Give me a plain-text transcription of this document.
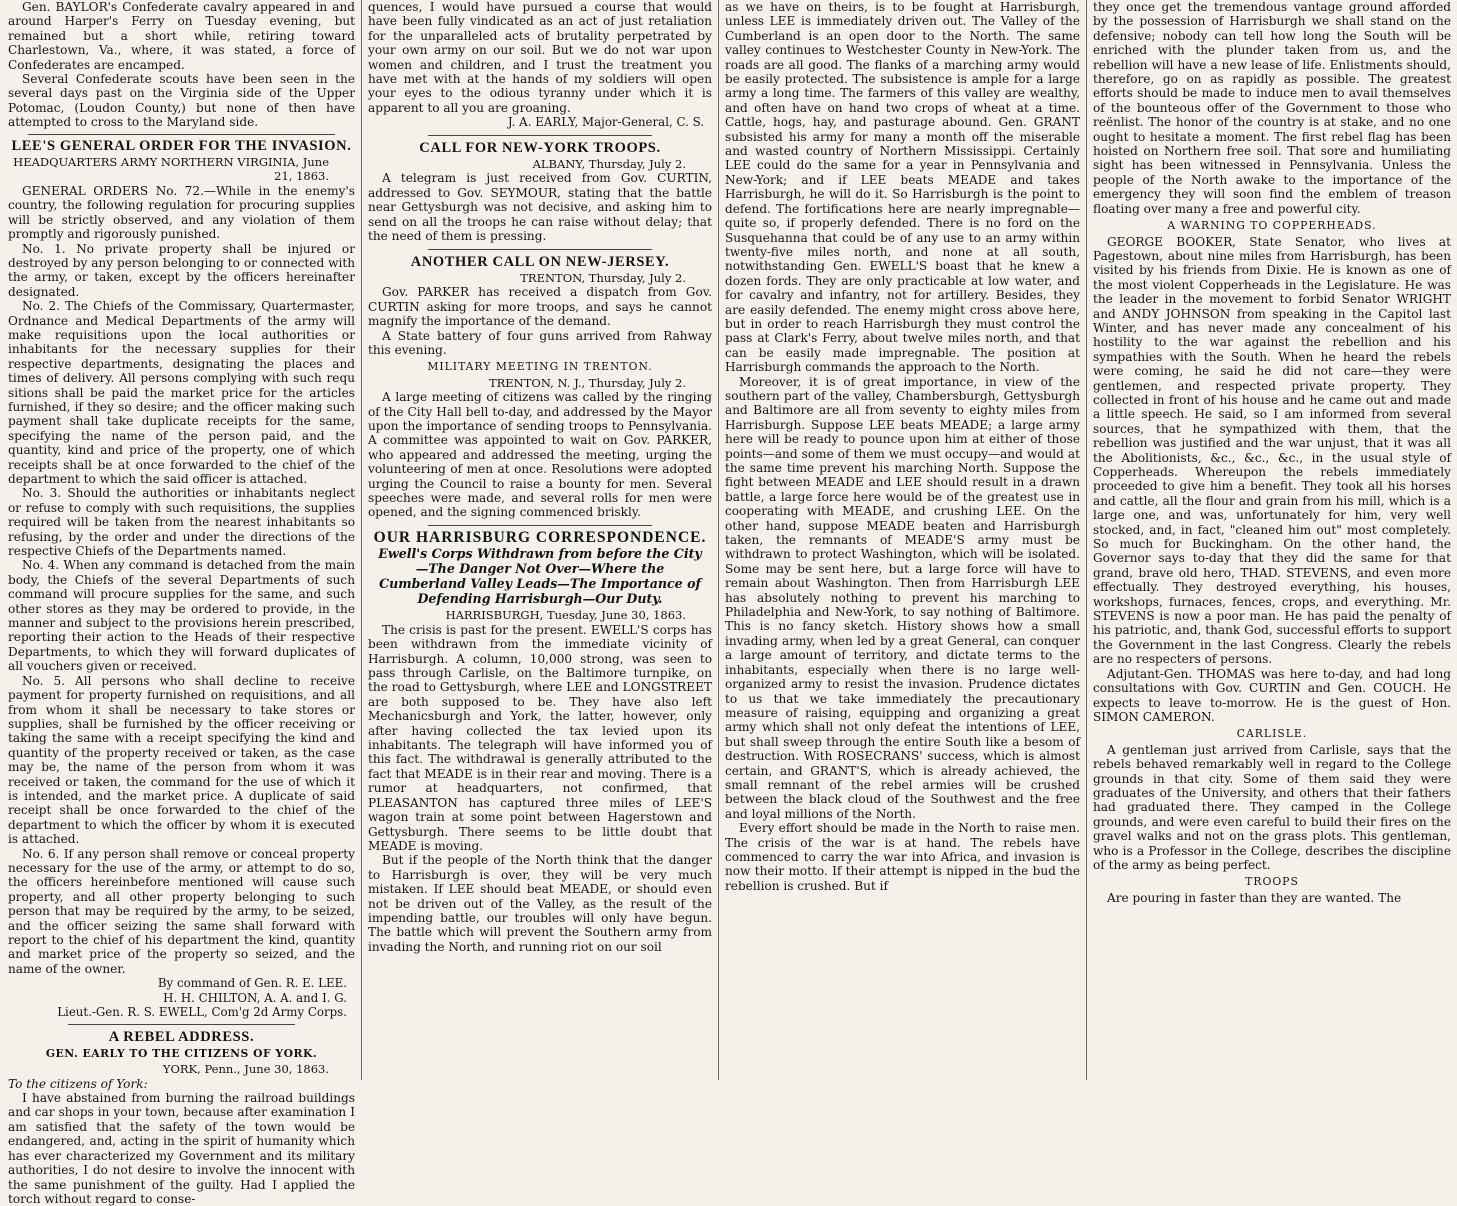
Gen. BAYLOR's Confederate cavalry appeared in and around Harper's Ferry on Tuesday evening, but remained but a short while, retiring toward Charlestown, Va., where, it was stated, a force of Confederates are encamped.

Several Confederate scouts have been seen in the several days past on the Virginia side of the Upper Potomac, (Loudon County,) but none of then have attempted to cross to the Maryland side.

LEE'S GENERAL ORDER FOR THE INVASION.

HEADQUARTERS ARMY NORTHERN VIRGINIA, June 21, 1863.

GENERAL ORDERS No. 72.—While in the enemy's country, the following regulation for procuring supplies will be strictly observed, and any violation of them promptly and rigorously punished.

No. 1. No private property shall be injured or destroyed by any person belonging to or connected with the army, or taken, except by the officers hereinafter designated.

No. 2. The Chiefs of the Commissary, Quartermaster, Ordnance and Medical Departments of the army will make requisitions upon the local authorities or inhabitants for the necessary supplies for their respective departments, designating the places and times of delivery. All persons complying with such requ sitions shall be paid the market price for the articles furnished, if they so desire; and the officer making such payment shall take duplicate receipts for the same, specifying the name of the person paid, and the quantity, kind and price of the property, one of which receipts shall be at once forwarded to the chief of the department to which the said officer is attached.

No. 3. Should the authorities or inhabitants neglect or refuse to comply with such requisitions, the supplies required will be taken from the nearest inhabitants so refusing, by the order and under the directions of the respective Chiefs of the Departments named.

No. 4. When any command is detached from the main body, the Chiefs of the several Departments of such command will procure supplies for the same, and such other stores as they may be ordered to provide, in the manner and subject to the provisions herein prescribed, reporting their action to the Heads of their respective Departments, to which they will forward duplicates of all vouchers given or received.

No. 5. All persons who shall decline to receive payment for property furnished on requisitions, and all from whom it shall be necessary to take stores or supplies, shall be furnished by the officer receiving or taking the same with a receipt specifying the kind and quantity of the property received or taken, as the case may be, the name of the person from whom it was received or taken, the command for the use of which it is intended, and the market price. A duplicate of said receipt shall be once forwarded to the chief of the department to which the officer by whom it is executed is attached.

No. 6. If any person shall remove or conceal property necessary for the use of the army, or attempt to do so, the officers hereinbefore mentioned will cause such property, and all other property belonging to such person that may be required by the army, to be seized, and the officer seizing the same shall forward with report to the chief of his department the kind, quantity and market price of the property so seized, and the name of the owner.

By command of Gen. R. E. LEE.

H. H. CHILTON, A. A. and I. G.

Lieut.-Gen. R. S. EWELL, Com'g 2d Army Corps.

A REBEL ADDRESS.

GEN. EARLY TO THE CITIZENS OF YORK.

YORK, Penn., June 30, 1863.

To the citizens of York:

I have abstained from burning the railroad buildings and car shops in your town, because after examination I am satisfied that the safety of the town would be endangered, and, acting in the spirit of humanity which has ever characterized my Government and its military authorities, I do not desire to involve the innocent with the same punishment of the guilty. Had I applied the torch without regard to conse-

quences, I would have pursued a course that would have been fully vindicated as an act of just retaliation for the unparalleled acts of brutality perpetrated by your own army on our soil. But we do not war upon women and children, and I trust the treatment you have met with at the hands of my soldiers will open your eyes to the odious tyranny under which it is apparent to all you are groaning.

J. A. EARLY, Major-General, C. S.

CALL FOR NEW-YORK TROOPS.

ALBANY, Thursday, July 2.

A telegram is just received from Gov. CURTIN, addressed to Gov. SEYMOUR, stating that the battle near Gettysburgh was not decisive, and asking him to send on all the troops he can raise without delay; that the need of them is pressing.

ANOTHER CALL ON NEW-JERSEY.

TRENTON, Thursday, July 2.

Gov. PARKER has received a dispatch from Gov. CURTIN asking for more troops, and says he cannot magnify the importance of the demand.

A State battery of four guns arrived from Rahway this evening.

MILITARY MEETING IN TRENTON.

TRENTON, N. J., Thursday, July 2.

A large meeting of citizens was called by the ringing of the City Hall bell to-day, and addressed by the Mayor upon the importance of sending troops to Pennsylvania. A committee was appointed to wait on Gov. PARKER, who appeared and addressed the meeting, urging the volunteering of men at once. Resolutions were adopted urging the Council to raise a bounty for men. Several speeches were made, and several rolls for men were opened, and the signing commenced briskly.

OUR HARRISBURG CORRESPONDENCE.

Ewell's Corps Withdrawn from before the City—The Danger Not Over—Where the Cumberland Valley Leads—The Importance of Defending Harrisburgh—Our Duty.

HARRISBURGH, Tuesday, June 30, 1863.

The crisis is past for the present. EWELL'S corps has been withdrawn from the immediate vicinity of Harrisburgh. A column, 10,000 strong, was seen to pass through Carlisle, on the Baltimore turnpike, on the road to Gettysburgh, where LEE and LONGSTREET are both supposed to be. They have also left Mechanicsburgh and York, the latter, however, only after having collected the tax levied upon its inhabitants. The telegraph will have informed you of this fact. The withdrawal is generally attributed to the fact that MEADE is in their rear and moving. There is a rumor at headquarters, not confirmed, that PLEASANTON has captured three miles of LEE'S wagon train at some point between Hagerstown and Gettysburgh. There seems to be little doubt that MEADE is moving.

But if the people of the North think that the danger to Harrisburgh is over, they will be very much mistaken. If LEE should beat MEADE, or should even not be driven out of the Valley, as the result of the impending battle, our troubles will only have begun. The battle which will prevent the Southern army from invading the North, and running riot on our soil

as we have on theirs, is to be fought at Harrisburgh, unless LEE is immediately driven out. The Valley of the Cumberland is an open door to the North. The same valley continues to Westchester County in New-York. The roads are all good. The flanks of a marching army would be easily protected. The subsistence is ample for a large army a long time. The farmers of this valley are wealthy, and often have on hand two crops of wheat at a time. Cattle, hogs, hay, and pasturage abound. Gen. GRANT subsisted his army for many a month off the miserable and wasted country of Northern Mississippi. Certainly LEE could do the same for a year in Pennsylvania and New-York; and if LEE beats MEADE and takes Harrisburgh, he will do it. So Harrisburgh is the point to defend. The fortifications here are nearly impregnable—quite so, if properly defended. There is no ford on the Susquehanna that could be of any use to an army within twenty-five miles north, and none at all south, notwithstanding Gen. EWELL'S boast that he knew a dozen fords. They are only practicable at low water, and for cavalry and infantry, not for artillery. Besides, they are easily defended. The enemy might cross above here, but in order to reach Harrisburgh they must control the pass at Clark's Ferry, about twelve miles north, and that can be easily made impregnable. The position at Harrisburgh commands the approach to the North.

Moreover, it is of great importance, in view of the southern part of the valley, Chambersburgh, Gettysburgh and Baltimore are all from seventy to eighty miles from Harrisburgh. Suppose LEE beats MEADE; a large army here will be ready to pounce upon him at either of those points—and some of them we must occupy—and would at the same time prevent his marching North. Suppose the fight between MEADE and LEE should result in a drawn battle, a large force here would be of the greatest use in cooperating with MEADE, and crushing LEE. On the other hand, suppose MEADE beaten and Harrisburgh taken, the remnants of MEADE'S army must be withdrawn to protect Washington, which will be isolated. Some may be sent here, but a large force will have to remain about Washington. Then from Harrisburgh LEE has absolutely nothing to prevent his marching to Philadelphia and New-York, to say nothing of Baltimore. This is no fancy sketch. History shows how a small invading army, when led by a great General, can conquer a large amount of territory, and dictate terms to the inhabitants, especially when there is no large well-organized army to resist the invasion. Prudence dictates to us that we take immediately the precautionary measure of raising, equipping and organizing a great army which shall not only defeat the intentions of LEE, but shall sweep through the entire South like a besom of destruction. With ROSECRANS' success, which is almost certain, and GRANT'S, which is already achieved, the small remnant of the rebel armies will be crushed between the black cloud of the Southwest and the free and loyal millions of the North.

Every effort should be made in the North to raise men. The crisis of the war is at hand. The rebels have commenced to carry the war into Africa, and invasion is now their motto. If their attempt is nipped in the bud the rebellion is crushed. But if

they once get the tremendous vantage ground afforded by the possession of Harrisburgh we shall stand on the defensive; nobody can tell how long the South will be enriched with the plunder taken from us, and the rebellion will have a new lease of life. Enlistments should, therefore, go on as rapidly as possible. The greatest efforts should be made to induce men to avail themselves of the bounteous offer of the Government to those who reënlist. The honor of the country is at stake, and no one ought to hesitate a moment. The first rebel flag has been hoisted on Northern free soil. That sore and humiliating sight has been witnessed in Pennsylvania. Unless the people of the North awake to the importance of the emergency they will soon find the emblem of treason floating over many a free and powerful city.

A WARNING TO COPPERHEADS.

GEORGE BOOKER, State Senator, who lives at Pagestown, about nine miles from Harrisburgh, has been visited by his friends from Dixie. He is known as one of the most violent Copperheads in the Legislature. He was the leader in the movement to forbid Senator WRIGHT and ANDY JOHNSON from speaking in the Capitol last Winter, and has never made any concealment of his hostility to the war against the rebellion and his sympathies with the South. When he heard the rebels were coming, he said he did not care—they were gentlemen, and respected private property. They collected in front of his house and he came out and made a little speech. He said, so I am informed from several sources, that he sympathized with them, that the rebellion was justified and the war unjust, that it was all the Abolitionists, &c., &c., &c., in the usual style of Copperheads. Whereupon the rebels immediately proceeded to give him a benefit. They took all his horses and cattle, all the flour and grain from his mill, which is a large one, and was, unfortunately for him, very well stocked, and, in fact, "cleaned him out" most completely. So much for Buckingham. On the other hand, the Governor says to-day that they did the same for that grand, brave old hero, THAD. STEVENS, and even more effectually. They destroyed everything, his houses, workshops, furnaces, fences, crops, and everything. Mr. STEVENS is now a poor man. He has paid the penalty of his patriotic, and, thank God, successful efforts to support the Government in the last Congress. Clearly the rebels are no respecters of persons.

Adjutant-Gen. THOMAS was here to-day, and had long consultations with Gov. CURTIN and Gen. COUCH. He expects to leave to-morrow. He is the guest of Hon. SIMON CAMERON.

CARLISLE.

A gentleman just arrived from Carlisle, says that the rebels behaved remarkably well in regard to the College grounds in that city. Some of them said they were graduates of the University, and others that their fathers had graduated there. They camped in the College grounds, and were even careful to build their fires on the gravel walks and not on the grass plots. This gentleman, who is a Professor in the College, describes the discipline of the army as being perfect.

TROOPS

Are pouring in faster than they are wanted. The
